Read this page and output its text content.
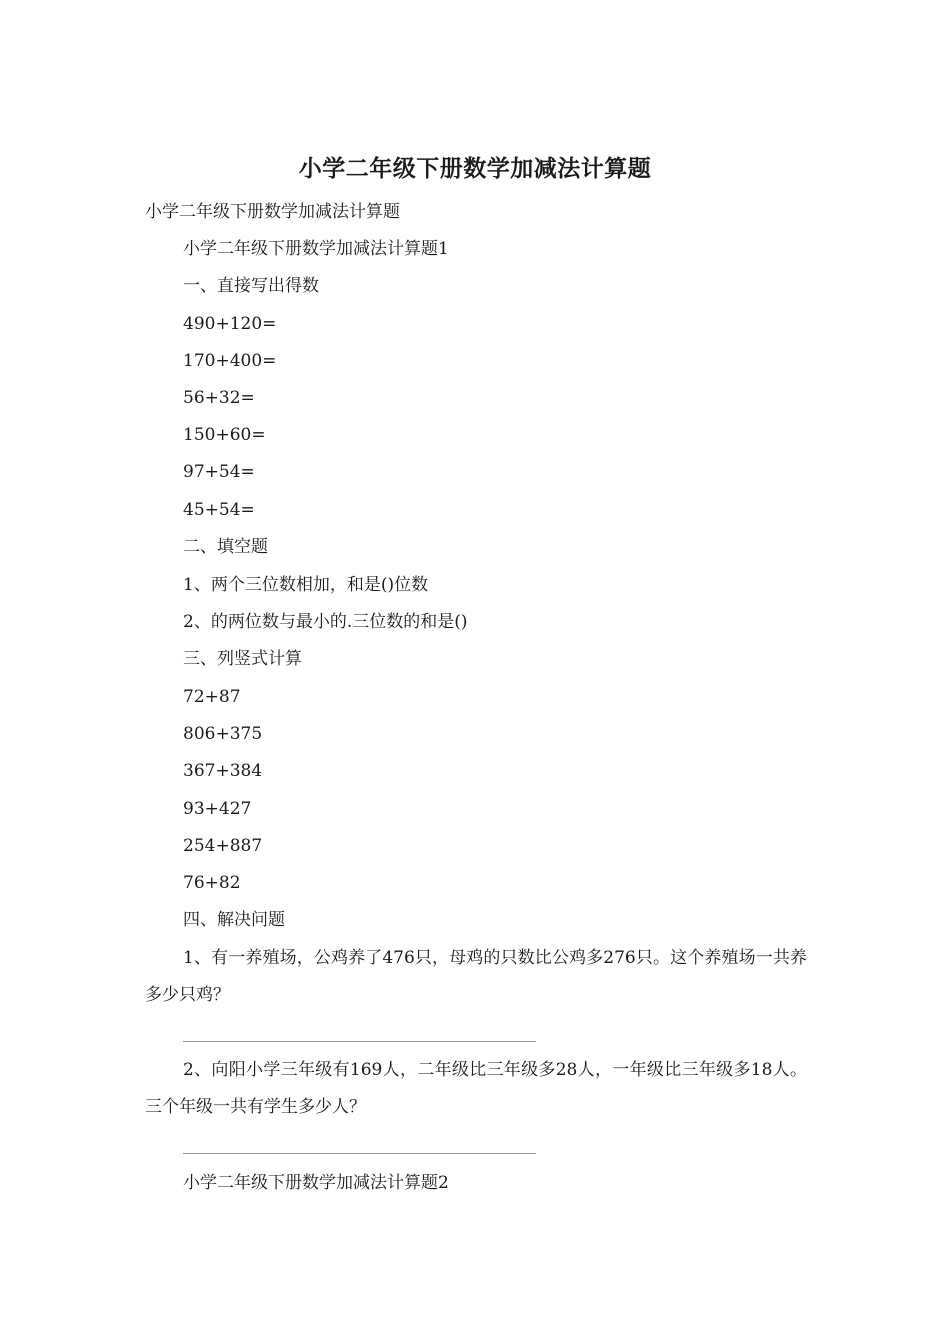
小学二年级下册数学加减法计算题
小学二年级下册数学加减法计算题
小学二年级下册数学加减法计算题1
一、直接写出得数
490+120=
170+400=
56+32=
150+60=
97+54=
45+54=
二、填空题
1、两个三位数相加，和是()位数
2、的两位数与最小的.三位数的和是()
三、列竖式计算
72+87
806+375
367+384
93+427
254+887
76+82
四、解决问题
1、有一养殖场，公鸡养了476只，母鸡的只数比公鸡多276只。这个养殖场一共养多少只鸡？
2、向阳小学三年级有169人，二年级比三年级多28人，一年级比三年级多18人。三个年级一共有学生多少人？
小学二年级下册数学加减法计算题2
